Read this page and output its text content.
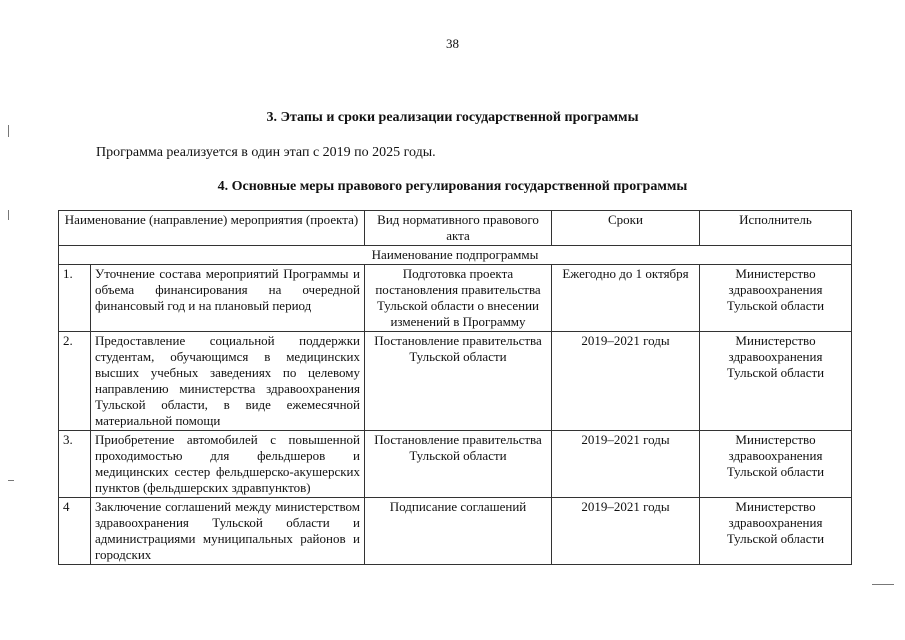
38
3. Этапы и сроки реализации государственной программы
Программа реализуется в один этап с 2019 по 2025 годы.
4. Основные меры правового регулирования государственной программы
Наименование (направление) мероприятия (проекта)		Вид нормативного правового акта	Сроки	Исполнитель
Наименование подпрограммы				
1.	Уточнение состава мероприятий Программы и объема финансирования на очередной финансовый год и на плановый период	Подготовка проекта постановления правительства Тульской области о внесении изменений в Программу	Ежегодно до 1 октября	Министерство здравоохранения Тульской области
2.	Предоставление социальной поддержки студентам, обучающимся в медицинских высших учебных заведениях по целевому направлению министерства здравоохранения Тульской области, в виде ежемесячной материальной помощи	Постановление правительства Тульской области	2019–2021 годы	Министерство здравоохранения Тульской области
3.	Приобретение автомобилей с повышенной проходимостью для фельдшеров и медицинских сестер фельдшерско-акушерских пунктов (фельдшерских здравпунктов)	Постановление правительства Тульской области	2019–2021 годы	Министерство здравоохранения Тульской области
4	Заключение соглашений между министерством здравоохранения Тульской области и администрациями муниципальных районов и городских	Подписание соглашений	2019–2021 годы	Министерство здравоохранения Тульской области
